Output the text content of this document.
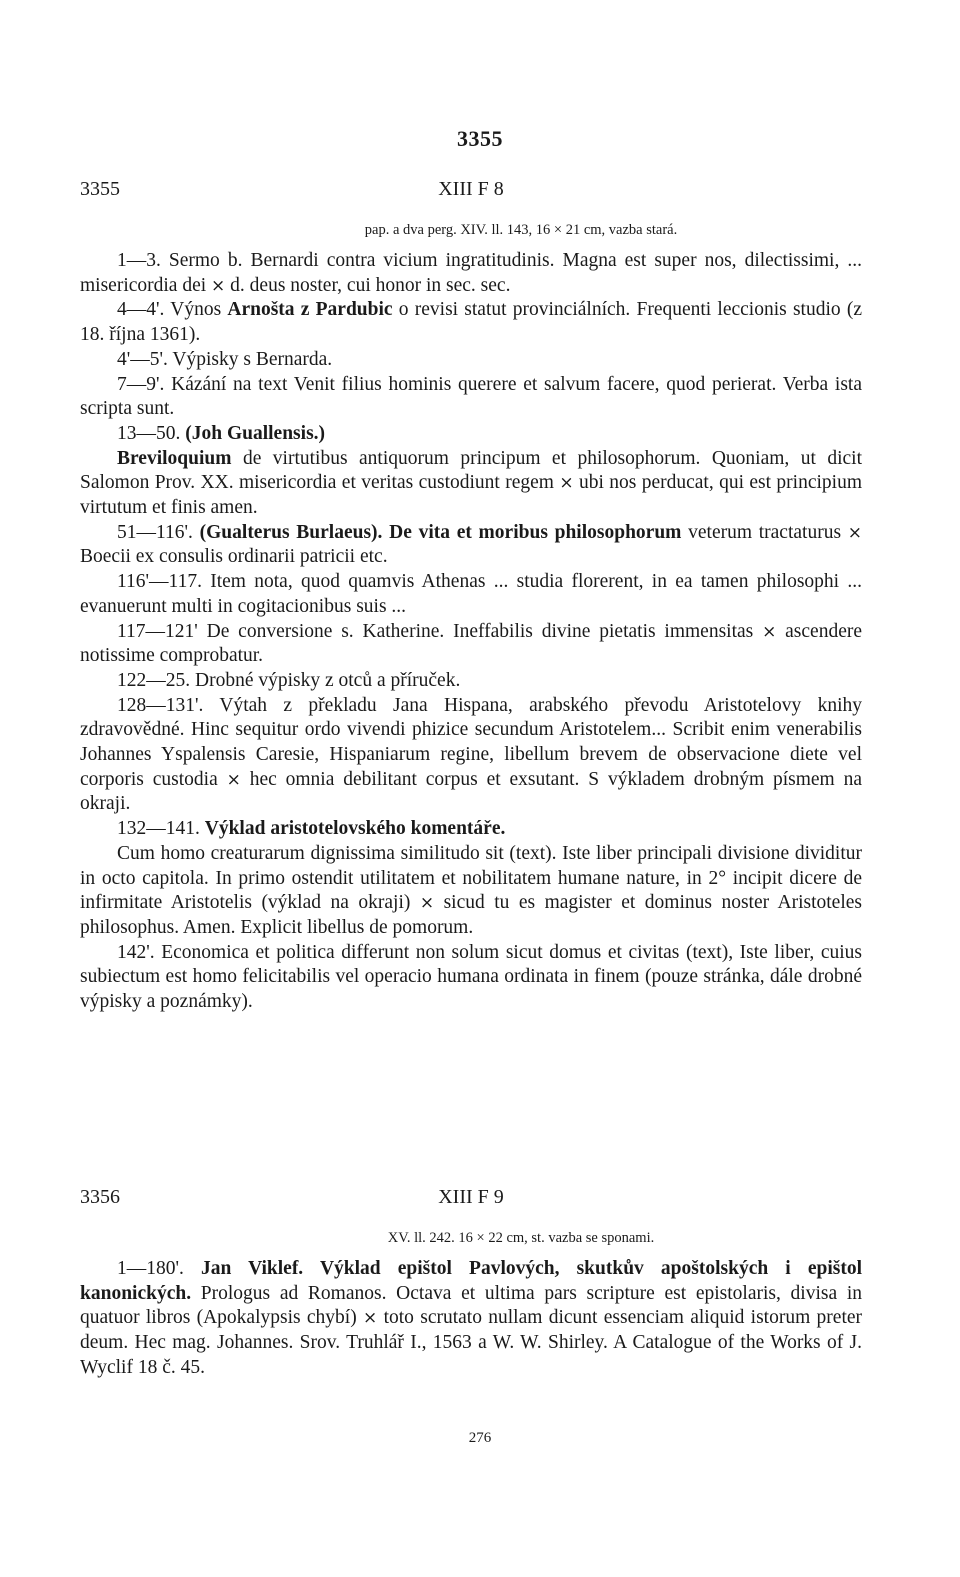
3355
3355	XIII F 8
pap. a dva perg. XIV. ll. 143, 16 × 21 cm, vazba stará.

1—3. Sermo b. Bernardi contra vicium ingratitudinis. Magna est super nos, dilectissimi, ... misericordia dei × d. deus noster, cui honor in sec. sec.

4—4'. Výnos Arnošta z Pardubic o revisi statut provinciálních. Frequenti leccionis studio (z 18. října 1361).

4'—5'. Výpisky s Bernarda.

7—9'. Kázání na text Venit filius hominis querere et salvum facere, quod perierat. Verba ista scripta sunt.

13—50. (Joh Guallensis.)

Breviloquium de virtutibus antiquorum principum et philosophorum. Quoniam, ut dicit Salomon Prov. XX. misericordia et veritas custodiunt regem × ubi nos perducat, qui est principium virtutum et finis amen.

51—116'. (Gualterus Burlaeus). De vita et moribus philosophorum veterum tractaturus × Boecii ex consulis ordinarii patricii etc.

116'—117. Item nota, quod quamvis Athenas ... studia florerent, in ea tamen philosophi ... evanuerunt multi in cogitacionibus suis ...

117—121' De conversione s. Katherine. Ineffabilis divine pietatis immensitas × ascendere notissime comprobatur.

122—25. Drobné výpisky z otců a příruček.

128—131'. Výtah z překladu Jana Hispana, arabského převodu Aristotelovy knihy zdravovědné. Hinc sequitur ordo vivendi phizice secundum Aristotelem... Scribit enim venerabilis Johannes Yspalensis Caresie, Hispaniarum regine, libellum brevem de observacione diete vel corporis custodia × hec omnia debilitant corpus et exsutant. S výkladem drobným písmem na okraji.

132—141. Výklad aristotelovského komentáře.

Cum homo creaturarum dignissima similitudo sit (text). Iste liber principali divisione dividitur in octo capitola. In primo ostendit utilitatem et nobilitatem humane nature, in 2° incipit dicere de infirmitate Aristotelis (výklad na okraji) × sicud tu es magister et dominus noster Aristoteles philosophus. Amen. Explicit libellus de pomorum.

142'. Economica et politica differunt non solum sicut domus et civitas (text), Iste liber, cuius subiectum est homo felicitabilis vel operacio humana ordinata in finem (pouze stránka, dále drobné výpisky a poznámky).

3356	XIII F 9
XV. ll. 242. 16 × 22 cm, st. vazba se sponami.

1—180'. Jan Viklef. Výklad epištol Pavlových, skutkův apoštolských i epištol kanonických. Prologus ad Romanos. Octava et ultima pars scripture est epistolaris, divisa in quatuor libros (Apokalypsis chybí) × toto scrutato nullam dicunt essenciam aliquid istorum preter deum. Hec mag. Johannes. Srov. Truhlář I., 1563 a W. W. Shirley. A Catalogue of the Works of J. Wyclif 18 č. 45.

276
